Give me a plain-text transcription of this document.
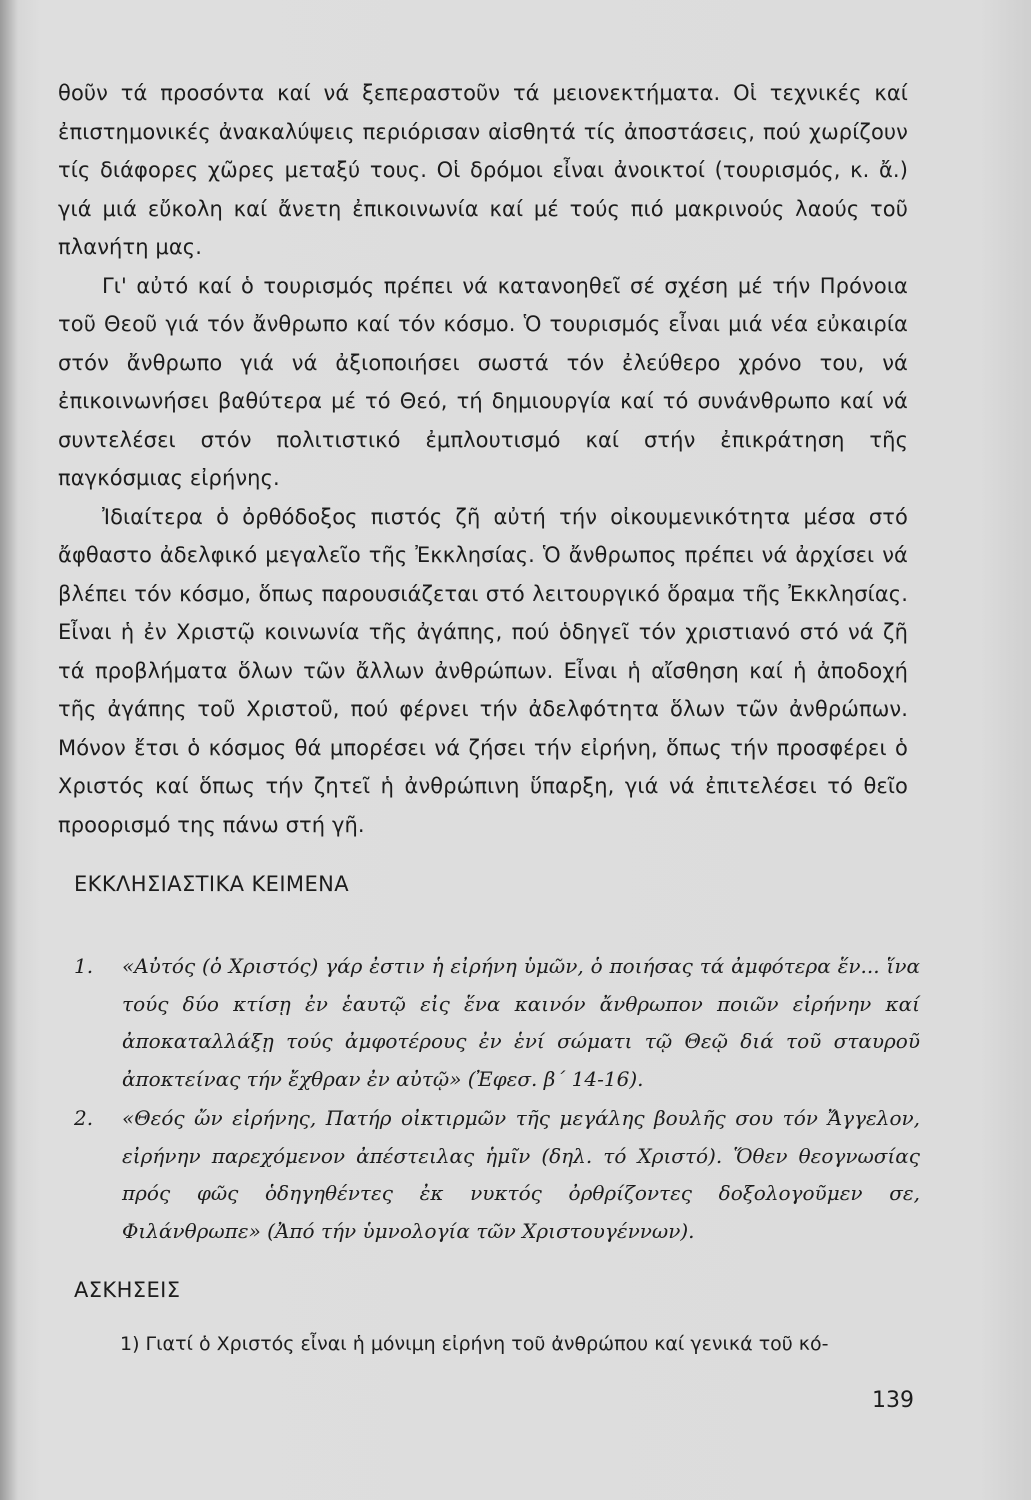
θοῦν τά προσόντα καί νά ξεπεραστοῦν τά μειονεκτήματα. Οἱ τεχνικές καί ἐπιστημονικές ἀνακαλύψεις περιόρισαν αἰσθητά τίς ἀποστάσεις, πού χωρίζουν τίς διάφορες χῶρες μεταξύ τους. Οἱ δρόμοι εἶναι ἀνοικτοί (τουρισμός, κ. ἄ.) γιά μιά εὔκολη καί ἄνετη ἐπικοινωνία καί μέ τούς πιό μακρινούς λαούς τοῦ πλανήτη μας.

Γι' αὐτό καί ὁ τουρισμός πρέπει νά κατανοηθεῖ σέ σχέση μέ τήν Πρόνοια τοῦ Θεοῦ γιά τόν ἄνθρωπο καί τόν κόσμο. Ὁ τουρισμός εἶναι μιά νέα εὐκαιρία στόν ἄνθρωπο γιά νά ἀξιοποιήσει σωστά τόν ἐλεύθερο χρόνο του, νά ἐπικοινωνήσει βαθύτερα μέ τό Θεό, τή δημιουργία καί τό συνάνθρωπο καί νά συντελέσει στόν πολιτιστικό ἐμπλουτισμό καί στήν ἐπικράτηση τῆς παγκόσμιας εἰρήνης.

Ἰδιαίτερα ὁ ὀρθόδοξος πιστός ζῆ αὐτή τήν οἰκουμενικότητα μέσα στό ἄφθαστο ἀδελφικό μεγαλεῖο τῆς Ἐκκλησίας. Ὁ ἄνθρωπος πρέπει νά ἀρχίσει νά βλέπει τόν κόσμο, ὅπως παρουσιάζεται στό λειτουργικό ὅραμα τῆς Ἐκκλησίας. Εἶναι ἡ ἐν Χριστῷ κοινωνία τῆς ἀγάπης, πού ὁδηγεῖ τόν χριστιανό στό νά ζῆ τά προβλήματα ὅλων τῶν ἄλλων ἀνθρώπων. Εἶναι ἡ αἴσθηση καί ἡ ἀποδοχή τῆς ἀγάπης τοῦ Χριστοῦ, πού φέρνει τήν ἀδελφότητα ὅλων τῶν ἀνθρώπων. Μόνον ἔτσι ὁ κόσμος θά μπορέσει νά ζήσει τήν εἰρήνη, ὅπως τήν προσφέρει ὁ Χριστός καί ὅπως τήν ζητεῖ ἡ ἀνθρώπινη ὕπαρξη, γιά νά ἐπιτελέσει τό θεῖο προορισμό της πάνω στή γῆ.

ΕΚΚΛΗΣΙΑΣΤΙΚΑ ΚΕΙΜΕΝΑ
1. «Αὐτός (ὁ Χριστός) γάρ ἐστιν ἡ εἰρήνη ὑμῶν, ὁ ποιήσας τά ἀμφότερα ἕν... ἵνα τούς δύο κτίσῃ ἐν ἑαυτῷ εἰς ἕνα καινόν ἄνθρωπον ποιῶν εἰρήνην καί ἀποκαταλλάξῃ τούς ἀμφοτέρους ἐν ἑνί σώματι τῷ Θεῷ διά τοῦ σταυροῦ ἀποκτείνας τήν ἔχθραν ἐν αὐτῷ» (Ἐφεσ. β΄ 14-16).
2. «Θεός ὤν εἰρήνης, Πατήρ οἰκτιρμῶν τῆς μεγάλης βουλῆς σου τόν Ἄγγελον, εἰρήνην παρεχόμενον ἀπέστειλας ἡμῖν (δηλ. τό Χριστό). Ὅθεν θεογνωσίας πρός φῶς ὁδηγηθέντες ἐκ νυκτός ὀρθρίζοντες δοξολογοῦμεν σε, Φιλάνθρωπε» (Ἀπό τήν ὑμνολογία τῶν Χριστουγέννων).
ΑΣΚΗΣΕΙΣ

1) Γιατί ὁ Χριστός εἶναι ἡ μόνιμη εἰρήνη τοῦ ἀνθρώπου καί γενικά τοῦ κό-

139
